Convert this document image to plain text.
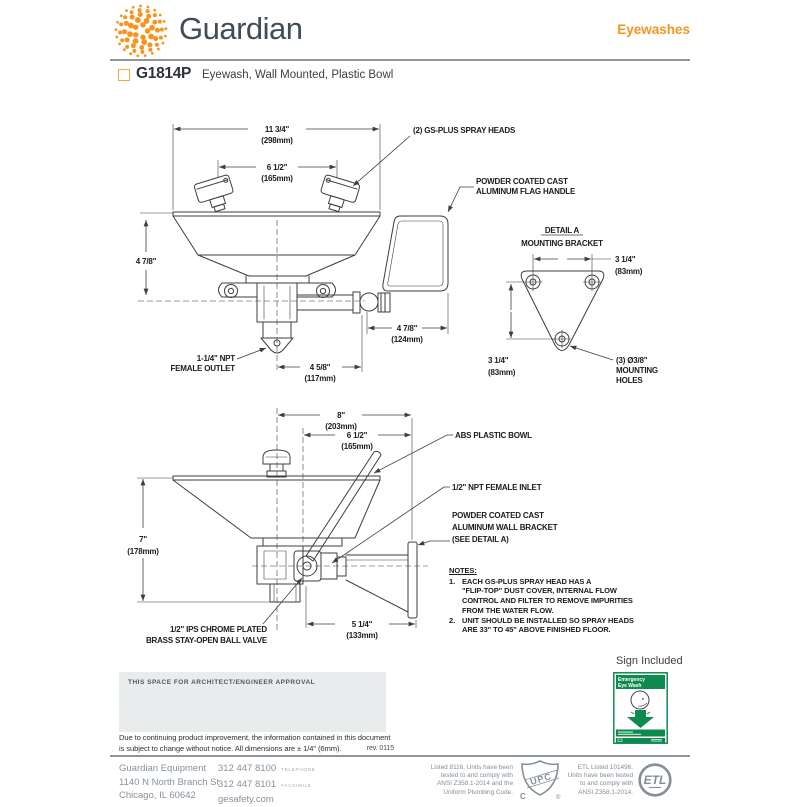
Guardian	Eyewashes
G1814P Eyewash, Wall Mounted, Plastic Bowl
11 3/4"
(298mm)
6 1/2"
(165mm)
4 7/8"
4 7/8"
(124mm)
4 5/8"
(117mm)
(2) GS-PLUS SPRAY HEADS
POWDER COATED CAST
ALUMINUM FLAG HANDLE
1-1/4" NPT
FEMALE OUTLET
DETAIL A
MOUNTING BRACKET
3 1/4"
(83mm)
3 1/4"
(83mm)
(3) Ø3/8"
MOUNTING
HOLES
8"
(203mm)
6 1/2"
(165mm)
7"
(178mm)
5 1/4"
(133mm)
ABS PLASTIC BOWL
1/2" NPT FEMALE INLET
POWDER COATED CAST
ALUMINUM WALL BRACKET
(SEE DETAIL A)
1/2" IPS CHROME PLATED
BRASS STAY-OPEN BALL VALVE
NOTES:
1. EACH GS-PLUS SPRAY HEAD HAS A
"FLIP-TOP" DUST COVER, INTERNAL FLOW
CONTROL AND FILTER TO REMOVE IMPURITIES
FROM THE WATER FLOW.
2. UNIT SHOULD BE INSTALLED SO SPRAY HEADS
ARE 33" TO 45" ABOVE FINISHED FLOOR.
Sign Included
Emergency
Eye Wash
THIS SPACE FOR ARCHITECT/ENGINEER APPROVAL
Due to continuing product improvement, the information contained in this document
is subject to change without notice. All dimensions are ± 1/4" (6mm).	rev. 0115
Guardian Equipment
1140 N North Branch St
Chicago, IL 60642
312 447 8100 TELEPHONE
312 447 8101 FACSIMILE
gesafety.com
Listed 8116. Units have been
tested to and comply with
ANSI Z358.1-2014 and the
Uniform Plumbing Code.
UPC
C	®
ETL Listed 101496.
Units have been tested
to and comply with
ANSI Z358.1-2014.
ETL
